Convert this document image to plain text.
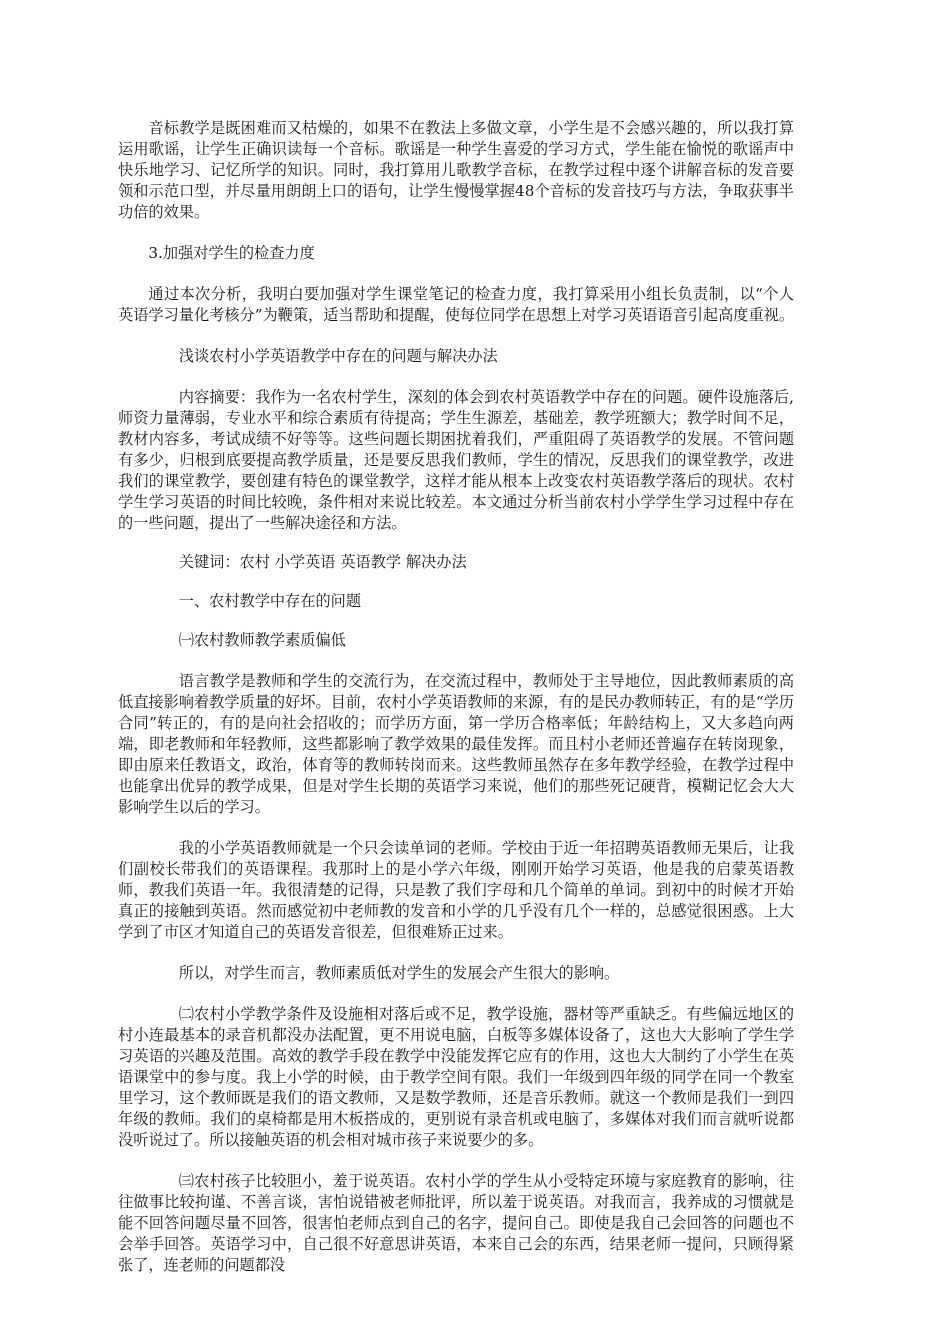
音标教学是既困难而又枯燥的，如果不在教法上多做文章，小学生是不会感兴趣的，所以我打算运用歌谣，让学生正确识读每一个音标。歌谣是一种学生喜爱的学习方式，学生能在愉悦的歌谣声中快乐地学习、记忆所学的知识。同时，我打算用儿歌教学音标，在教学过程中逐个讲解音标的发音要领和示范口型，并尽量用朗朗上口的语句，让学生慢慢掌握48个音标的发音技巧与方法，争取获事半功倍的效果。

3.加强对学生的检查力度

通过本次分析，我明白要加强对学生课堂笔记的检查力度，我打算采用小组长负责制，以“个人英语学习量化考核分”为鞭策，适当帮助和提醒，使每位同学在思想上对学习英语语音引起高度重视。

浅谈农村小学英语教学中存在的问题与解决办法

内容摘要：我作为一名农村学生，深刻的体会到农村英语教学中存在的问题。硬件设施落后,师资力量薄弱，专业水平和综合素质有待提高；学生生源差，基础差，教学班额大；教学时间不足，教材内容多，考试成绩不好等等。这些问题长期困扰着我们，严重阻碍了英语教学的发展。不管问题有多少，归根到底要提高教学质量，还是要反思我们教师，学生的情况，反思我们的课堂教学，改进我们的课堂教学，要创建有特色的课堂教学，这样才能从根本上改变农村英语教学落后的现状。农村学生学习英语的时间比较晚，条件相对来说比较差。本文通过分析当前农村小学学生学习过程中存在的一些问题，提出了一些解决途径和方法。

关键词：农村 小学英语 英语教学 解决办法

一、农村教学中存在的问题

㈠农村教师教学素质偏低

语言教学是教师和学生的交流行为，在交流过程中，教师处于主导地位，因此教师素质的高低直接影响着教学质量的好坏。目前，农村小学英语教师的来源，有的是民办教师转正，有的是“学历合同”转正的，有的是向社会招收的；而学历方面，第一学历合格率低；年龄结构上，又大多趋向两端，即老教师和年轻教师，这些都影响了教学效果的最佳发挥。而且村小老师还普遍存在转岗现象，即由原来任教语文，政治，体育等的教师转岗而来。这些教师虽然存在多年教学经验，在教学过程中也能拿出优异的教学成果，但是对学生长期的英语学习来说，他们的那些死记硬背，模糊记忆会大大影响学生以后的学习。

我的小学英语教师就是一个只会读单词的老师。学校由于近一年招聘英语教师无果后，让我们副校长带我们的英语课程。我那时上的是小学六年级，刚刚开始学习英语，他是我的启蒙英语教师，教我们英语一年。我很清楚的记得，只是教了我们字母和几个简单的单词。到初中的时候才开始真正的接触到英语。然而感觉初中老师教的发音和小学的几乎没有几个一样的，总感觉很困惑。上大学到了市区才知道自己的英语发音很差，但很难矫正过来。

所以，对学生而言，教师素质低对学生的发展会产生很大的影响。

㈡农村小学教学条件及设施相对落后或不足，教学设施，器材等严重缺乏。有些偏远地区的村小连最基本的录音机都没办法配置，更不用说电脑，白板等多媒体设备了，这也大大影响了学生学习英语的兴趣及范围。高效的教学手段在教学中没能发挥它应有的作用，这也大大制约了小学生在英语课堂中的参与度。我上小学的时候，由于教学空间有限。我们一年级到四年级的同学在同一个教室里学习，这个教师既是我们的语文教师，又是数学教师，还是音乐教师。就这一个教师是我们一到四年级的教师。我们的桌椅都是用木板搭成的，更别说有录音机或电脑了，多媒体对我们而言就听说都没听说过了。所以接触英语的机会相对城市孩子来说要少的多。

㈢农村孩子比较胆小，羞于说英语。农村小学的学生从小受特定环境与家庭教育的影响，往往做事比较拘谨、不善言谈，害怕说错被老师批评，所以羞于说英语。对我而言，我养成的习惯就是能不回答问题尽量不回答，很害怕老师点到自己的名字，提问自己。即使是我自己会回答的问题也不会举手回答。英语学习中，自己很不好意思讲英语，本来自己会的东西，结果老师一提问，只顾得紧张了，连老师的问题都没
